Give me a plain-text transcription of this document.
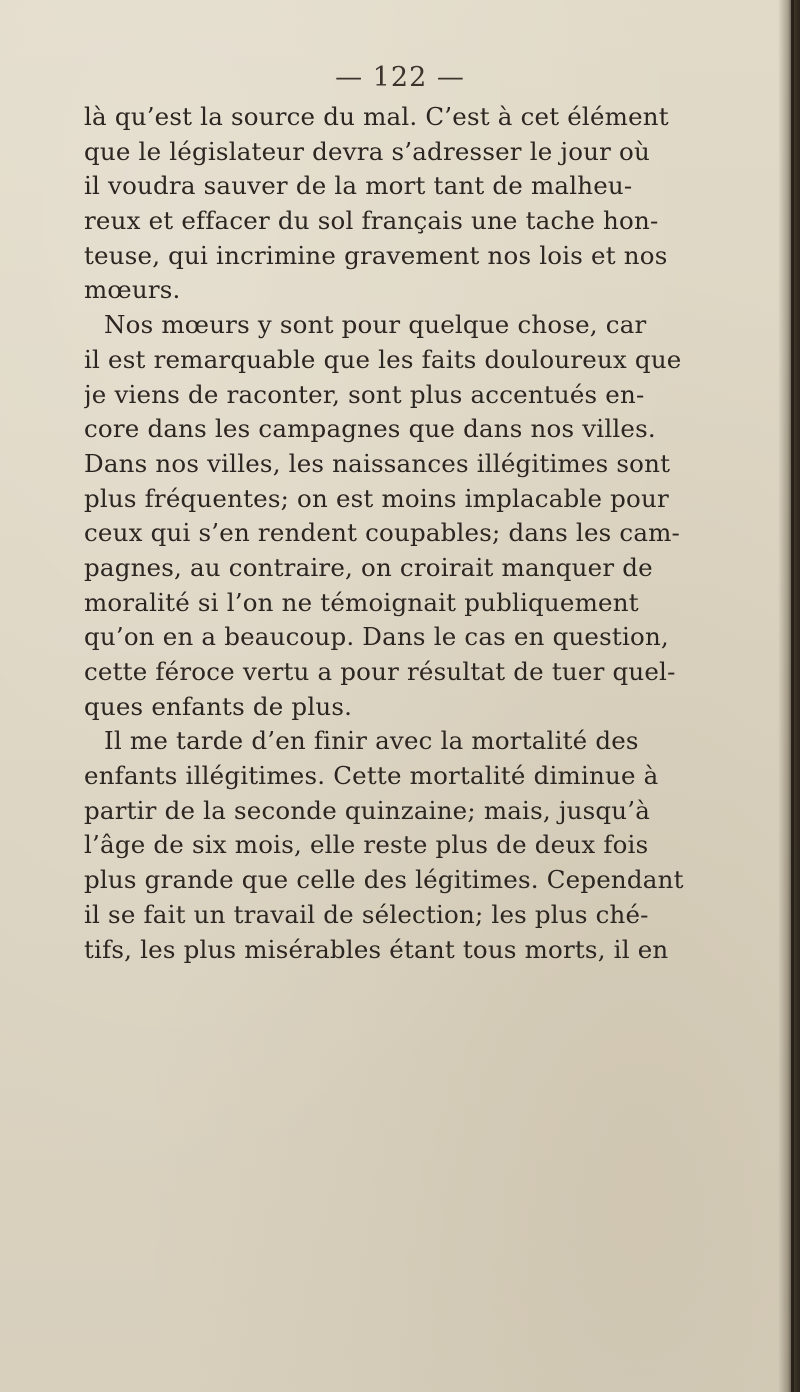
— 122 —
là qu’est la source du mal. C’est à cet élément
que le législateur devra s’adresser le jour où
il voudra sauver de la mort tant de malheu-
reux et effacer du sol français une tache hon-
teuse, qui incrimine gravement nos lois et nos
mœurs.
Nos mœurs y sont pour quelque chose, car
il est remarquable que les faits douloureux que
je viens de raconter, sont plus accentués en-
core dans les campagnes que dans nos villes.
Dans nos villes, les naissances illégitimes sont
plus fréquentes; on est moins implacable pour
ceux qui s’en rendent coupables; dans les cam-
pagnes, au contraire, on croirait manquer de
moralité si l’on ne témoignait publiquement
qu’on en a beaucoup. Dans le cas en question,
cette féroce vertu a pour résultat de tuer quel-
ques enfants de plus.
Il me tarde d’en finir avec la mortalité des
enfants illégitimes. Cette mortalité diminue à
partir de la seconde quinzaine; mais, jusqu’à
l’âge de six mois, elle reste plus de deux fois
plus grande que celle des légitimes. Cependant
il se fait un travail de sélection; les plus ché-
tifs, les plus misérables étant tous morts, il en
